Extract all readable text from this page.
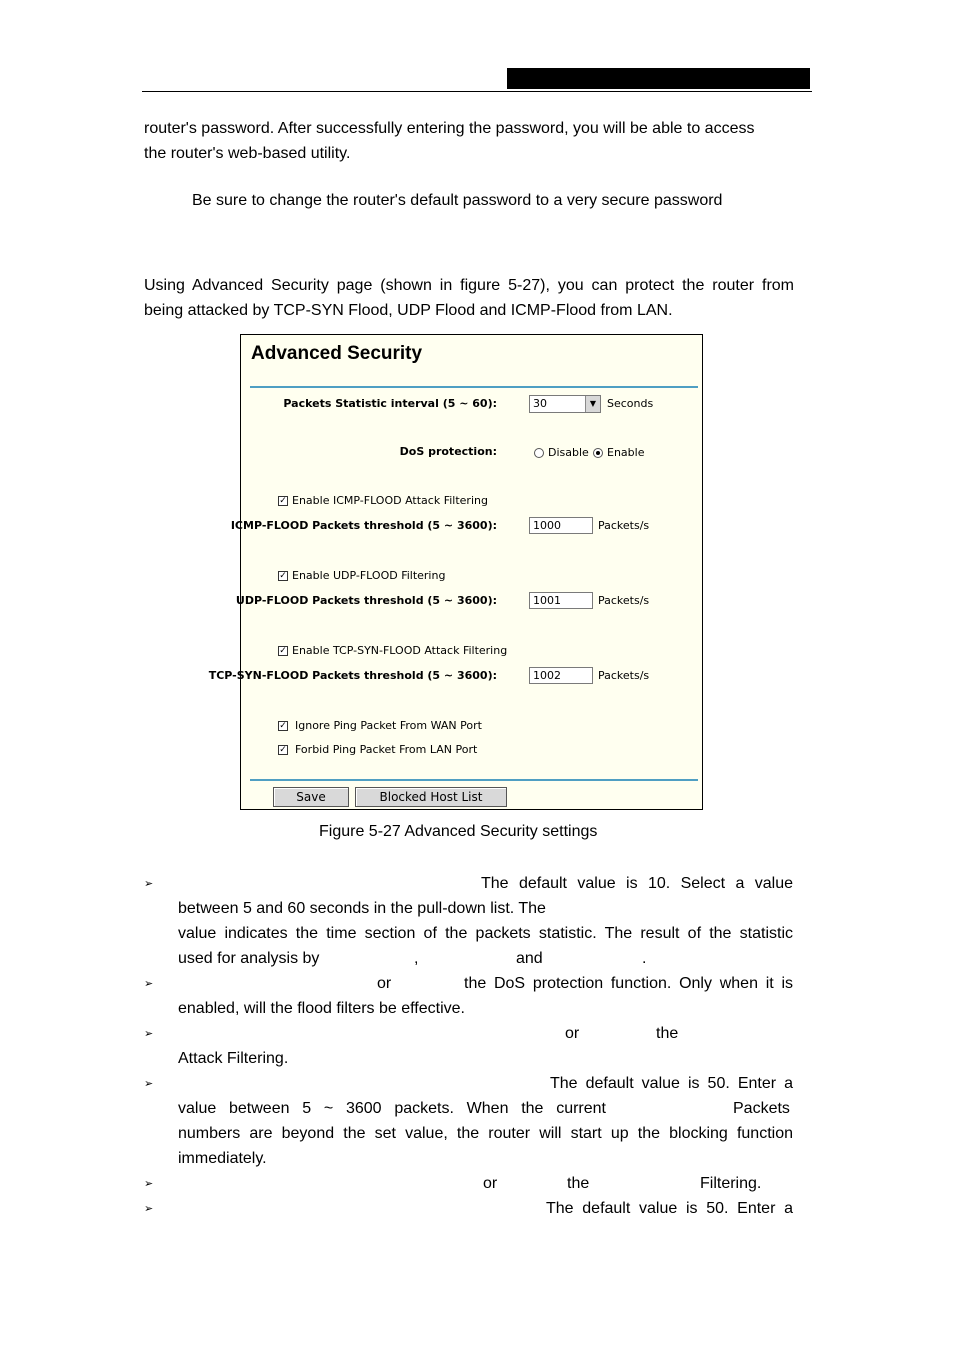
router's password. After successfully entering the password, you will be able to access
the router's web-based utility.
Be sure to change the router's default password to a very secure password
Using Advanced Security page (shown in figure 5-27), you can protect the router from
being attacked by TCP-SYN Flood, UDP Flood and ICMP-Flood from LAN.
Advanced Security
Packets Statistic interval (5 ~ 60):	30	▼ Seconds
DoS protection:	Disable Enable
✓ Enable ICMP-FLOOD Attack Filtering
ICMP-FLOOD Packets threshold (5 ~ 3600):	1000	Packets/s
✓ Enable UDP-FLOOD Filtering
UDP-FLOOD Packets threshold (5 ~ 3600):	1001	Packets/s
✓ Enable TCP-SYN-FLOOD Attack Filtering
TCP-SYN-FLOOD Packets threshold (5 ~ 3600):	1002	Packets/s
✓ Ignore Ping Packet From WAN Port
✓ Forbid Ping Packet From LAN Port
Save	Blocked Host List
Figure 5-27 Advanced Security settings
➢	The default value is 10. Select a value
between 5 and 60 seconds in the pull-down list. The
value indicates the time section of the packets statistic. The result of the statistic
used for analysis by	,	and	.
➢	or	the DoS protection function. Only when it is
enabled, will the flood filters be effective.
➢	or	the
Attack Filtering.
➢	The default value is 50. Enter a
value between 5 ~ 3600 packets. When the current	Packets
numbers are beyond the set value, the router will start up the blocking function
immediately.
➢	or	the	Filtering.
➢	The default value is 50. Enter a
